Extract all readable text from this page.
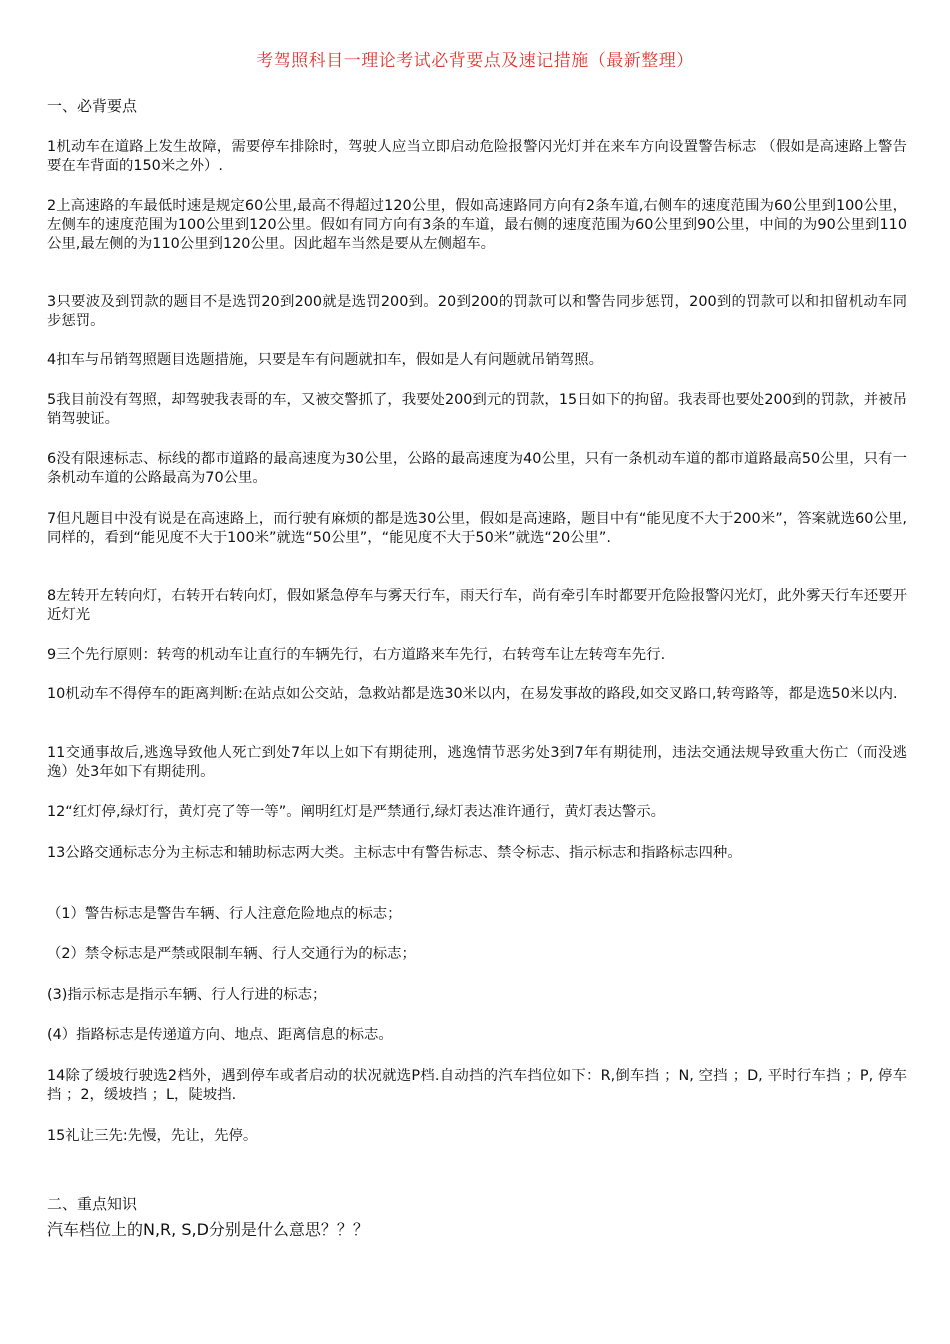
考驾照科目一理论考试必背要点及速记措施（最新整理）
一、必背要点
1机动车在道路上发生故障，需要停车排除时，驾驶人应当立即启动危险报警闪光灯并在来车方向设置警告标志 （假如是高速路上警告要在车背面的150米之外）.
2上高速路的车最低时速是规定60公里,最高不得超过120公里，假如高速路同方向有2条车道,右侧车的速度范围为60公里到100公里，左侧车的速度范围为100公里到120公里。假如有同方向有3条的车道，最右侧的速度范围为60公里到90公里，中间的为90公里到110公里,最左侧的为110公里到120公里。因此超车当然是要从左侧超车。
3只要波及到罚款的题目不是选罚20到200就是选罚200到。20到200的罚款可以和警告同步惩罚，200到的罚款可以和扣留机动车同步惩罚。
4扣车与吊销驾照题目选题措施，只要是车有问题就扣车，假如是人有问题就吊销驾照。
5我目前没有驾照，却驾驶我表哥的车，又被交警抓了，我要处200到元的罚款，15日如下的拘留。我表哥也要处200到的罚款，并被吊销驾驶证。
6没有限速标志、标线的都市道路的最高速度为30公里，公路的最高速度为40公里，只有一条机动车道的都市道路最高50公里，只有一条机动车道的公路最高为70公里。
7但凡题目中没有说是在高速路上，而行驶有麻烦的都是选30公里，假如是高速路，题目中有“能见度不大于200米”，答案就选60公里,同样的，看到“能见度不大于100米”就选“50公里”，“能见度不大于50米”就选“20公里”.
8左转开左转向灯，右转开右转向灯，假如紧急停车与雾天行车，雨天行车，尚有牵引车时都要开危险报警闪光灯，此外雾天行车还要开近灯光
9三个先行原则：转弯的机动车让直行的车辆先行，右方道路来车先行，右转弯车让左转弯车先行.
10机动车不得停车的距离判断:在站点如公交站，急救站都是选30米以内，在易发事故的路段,如交叉路口,转弯路等，都是选50米以内.
11交通事故后,逃逸导致他人死亡到处7年以上如下有期徒刑，逃逸情节恶劣处3到7年有期徒刑，违法交通法规导致重大伤亡（而没逃逸）处3年如下有期徒刑。
12“红灯停,绿灯行，黄灯亮了等一等”。阐明红灯是严禁通行,绿灯表达准许通行，黄灯表达警示。
13公路交通标志分为主标志和辅助标志两大类。主标志中有警告标志、禁令标志、指示标志和指路标志四种。
（1）警告标志是警告车辆、行人注意危险地点的标志；
（2）禁令标志是严禁或限制车辆、行人交通行为的标志；
(3)指示标志是指示车辆、行人行进的标志；
(4）指路标志是传递道方向、地点、距离信息的标志。
14除了缓坡行驶选2档外，遇到停车或者启动的状况就选P档.自动挡的汽车挡位如下：R,倒车挡 ；N, 空挡 ；D, 平时行车挡 ；P, 停车挡 ；2，缓坡挡 ；L，陡坡挡.
15礼让三先:先慢，先让，先停。
二、重点知识
汽车档位上的N,R, S,D分别是什么意思？？？
